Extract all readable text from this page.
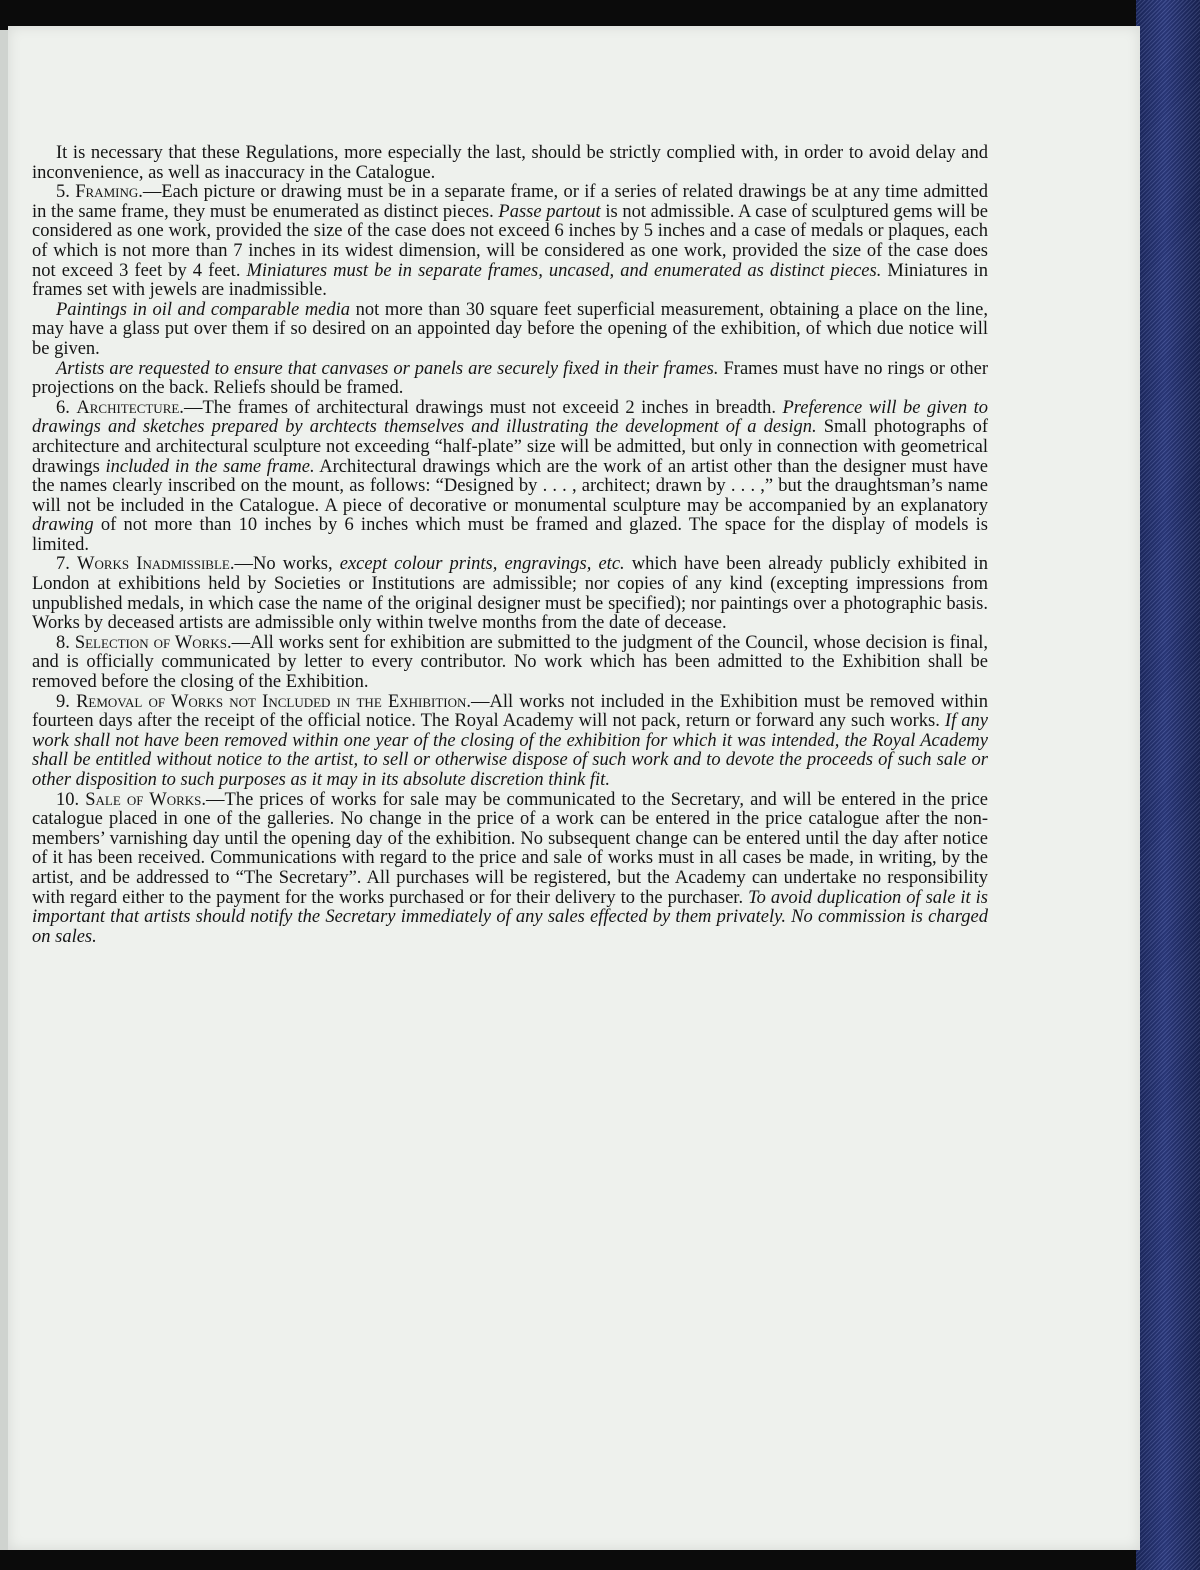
It is necessary that these Regulations, more especially the last, should be strictly complied with, in order to avoid delay and inconvenience, as well as inaccuracy in the Catalogue.

5. Framing.—Each picture or drawing must be in a separate frame, or if a series of related drawings be at any time admitted in the same frame, they must be enumerated as distinct pieces. Passe partout is not admissible. A case of sculptured gems will be considered as one work, provided the size of the case does not exceed 6 inches by 5 inches and a case of medals or plaques, each of which is not more than 7 inches in its widest dimension, will be considered as one work, provided the size of the case does not exceed 3 feet by 4 feet. Miniatures must be in separate frames, uncased, and enumerated as distinct pieces. Miniatures in frames set with jewels are inadmissible.

Paintings in oil and comparable media not more than 30 square feet superficial measurement, obtaining a place on the line, may have a glass put over them if so desired on an appointed day before the opening of the exhibition, of which due notice will be given.

Artists are requested to ensure that canvases or panels are securely fixed in their frames. Frames must have no rings or other projections on the back. Reliefs should be framed.

6. Architecture.—The frames of architectural drawings must not exceeid 2 inches in breadth. Preference will be given to drawings and sketches prepared by archtects themselves and illustrating the development of a design. Small photographs of architecture and architectural sculpture not exceeding “half-plate” size will be admitted, but only in connection with geometrical drawings included in the same frame. Architectural drawings which are the work of an artist other than the designer must have the names clearly inscribed on the mount, as follows: “Designed by . . . , architect; drawn by . . . ,” but the draughtsman’s name will not be included in the Catalogue. A piece of decorative or monumental sculpture may be accompanied by an explanatory drawing of not more than 10 inches by 6 inches which must be framed and glazed. The space for the display of models is limited.

7. Works Inadmissible.—No works, except colour prints, engravings, etc. which have been already publicly exhibited in London at exhibitions held by Societies or Institutions are admissible; nor copies of any kind (excepting impressions from unpublished medals, in which case the name of the original designer must be specified); nor paintings over a photographic basis. Works by deceased artists are admissible only within twelve months from the date of decease.

8. Selection of Works.—All works sent for exhibition are submitted to the judgment of the Council, whose decision is final, and is officially communicated by letter to every contributor. No work which has been admitted to the Exhibition shall be removed before the closing of the Exhibition.

9. Removal of Works not Included in the Exhibition.—All works not included in the Exhibition must be removed within fourteen days after the receipt of the official notice. The Royal Academy will not pack, return or forward any such works. If any work shall not have been removed within one year of the closing of the exhibition for which it was intended, the Royal Academy shall be entitled without notice to the artist, to sell or otherwise dispose of such work and to devote the proceeds of such sale or other disposition to such purposes as it may in its absolute discretion think fit.

10. Sale of Works.—The prices of works for sale may be communicated to the Secretary, and will be entered in the price catalogue placed in one of the galleries. No change in the price of a work can be entered in the price catalogue after the non-members’ varnishing day until the opening day of the exhibition. No subsequent change can be entered until the day after notice of it has been received. Communications with regard to the price and sale of works must in all cases be made, in writing, by the artist, and be addressed to “The Secretary”. All purchases will be registered, but the Academy can undertake no responsibility with regard either to the payment for the works purchased or for their delivery to the purchaser. To avoid duplication of sale it is important that artists should notify the Secretary immediately of any sales effected by them privately. No commission is charged on sales.
